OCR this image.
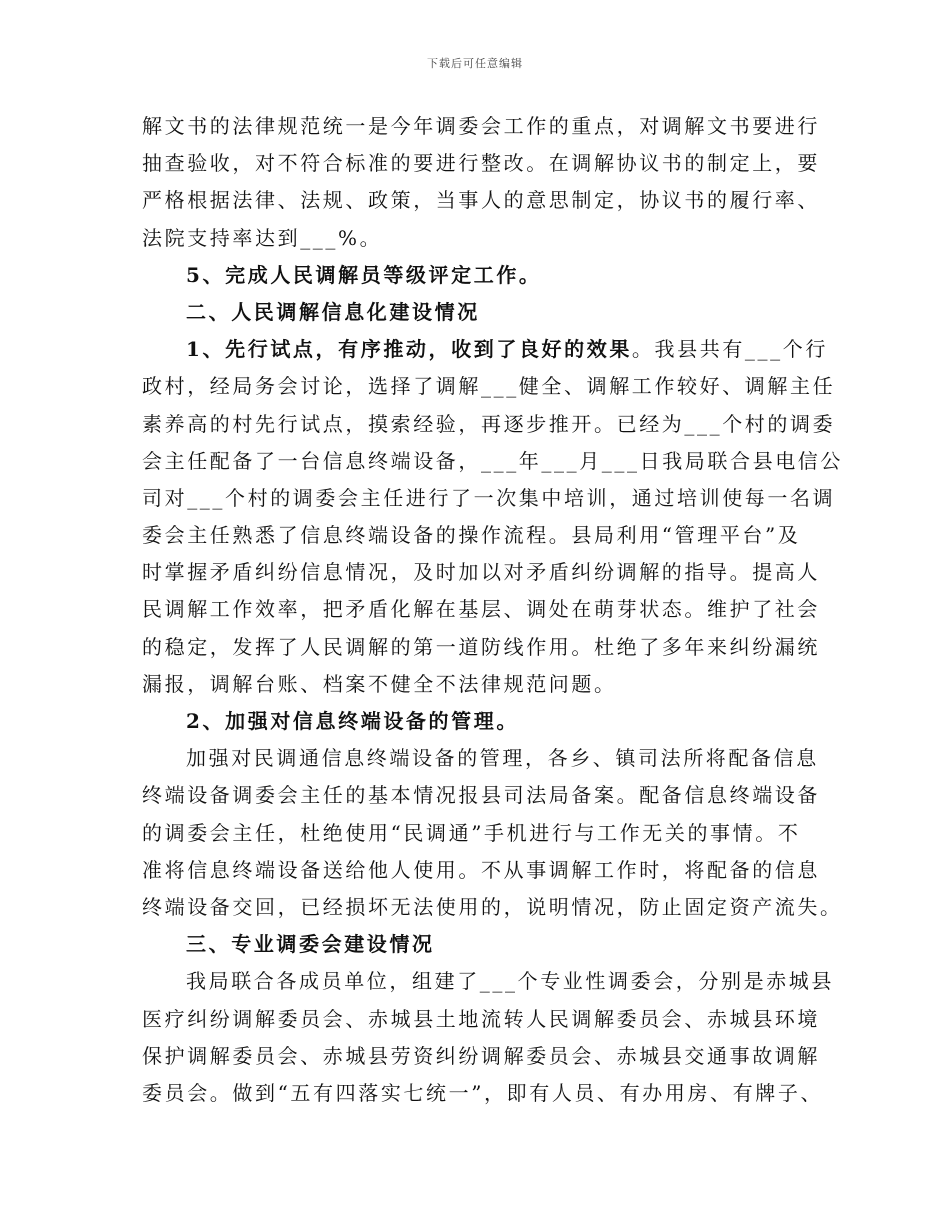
下载后可任意编辑
解文书的法律规范统一是今年调委会工作的重点，对调解文书要进行
抽查验收，对不符合标准的要进行整改。在调解协议书的制定上，要
严格根据法律、法规、政策，当事人的意思制定，协议书的履行率、
法院支持率达到___%。
5、完成人民调解员等级评定工作。
二、人民调解信息化建设情况
1、先行试点，有序推动，收到了良好的效果。我县共有___个行
政村，经局务会讨论，选择了调解___健全、调解工作较好、调解主任
素养高的村先行试点，摸索经验，再逐步推开。已经为___个村的调委
会主任配备了一台信息终端设备，___年___月___日我局联合县电信公
司对___个村的调委会主任进行了一次集中培训，通过培训使每一名调
委会主任熟悉了信息终端设备的操作流程。县局利用“管理平台”及
时掌握矛盾纠纷信息情况，及时加以对矛盾纠纷调解的指导。提高人
民调解工作效率，把矛盾化解在基层、调处在萌芽状态。维护了社会
的稳定，发挥了人民调解的第一道防线作用。杜绝了多年来纠纷漏统
漏报，调解台账、档案不健全不法律规范问题。
2、加强对信息终端设备的管理。
加强对民调通信息终端设备的管理，各乡、镇司法所将配备信息
终端设备调委会主任的基本情况报县司法局备案。配备信息终端设备
的调委会主任，杜绝使用“民调通”手机进行与工作无关的事情。不
准将信息终端设备送给他人使用。不从事调解工作时，将配备的信息
终端设备交回，已经损坏无法使用的，说明情况，防止固定资产流失。
三、专业调委会建设情况
我局联合各成员单位，组建了___个专业性调委会，分别是赤城县
医疗纠纷调解委员会、赤城县土地流转人民调解委员会、赤城县环境
保护调解委员会、赤城县劳资纠纷调解委员会、赤城县交通事故调解
委员会。做到“五有四落实七统一”，即有人员、有办用房、有牌子、
